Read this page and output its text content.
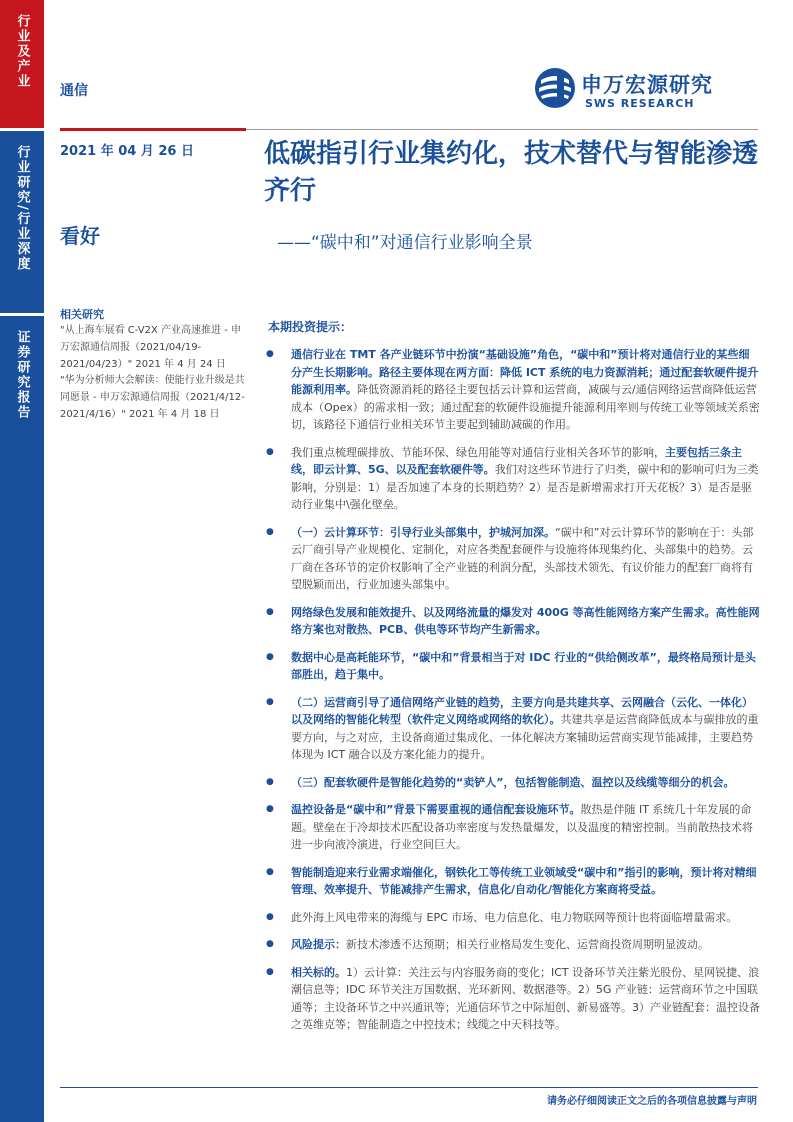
行业及产业
行业研究/行业深度
证券研究报告
通信	申万宏源研究
SWS RESEARCH
2021 年 04 月 26 日
看好
低碳指引行业集约化，技术替代与智能渗透齐行
——“碳中和”对通信行业影响全景
相关研究
"从上海车展看 C-V2X 产业高速推进 - 申万宏源通信周报（2021/04/19-2021/04/23）" 2021 年 4 月 24 日
"华为分析师大会解读：使能行业升级是共同愿景 - 申万宏源通信周报（2021/4/12-2021/4/16）" 2021 年 4 月 18 日
本期投资提示：
● 通信行业在 TMT 各产业链环节中扮演“基础设施”角色，“碳中和”预计将对通信行业的某些细分产生长期影响。路径主要体现在两方面：降低 ICT 系统的电力资源消耗；通过配套软硬件提升能源利用率。降低资源消耗的路径主要包括云计算和运营商，减碳与云/通信网络运营商降低运营成本（Opex）的需求相一致；通过配套的软硬件设施提升能源利用率则与传统工业等领域关系密切，该路径下通信行业相关环节主要起到辅助减碳的作用。
● 我们重点梳理碳排放、节能环保、绿色用能等对通信行业相关各环节的影响，主要包括三条主线，即云计算、5G、以及配套软硬件等。我们对这些环节进行了归类，碳中和的影响可归为三类影响，分别是：1）是否加速了本身的长期趋势？2）是否是新增需求打开天花板？3）是否是驱动行业集中\强化壁垒。
● （一）云计算环节：引导行业头部集中，护城河加深。“碳中和”对云计算环节的影响在于：头部云厂商引导产业规模化、定制化，对应各类配套硬件与设施将体现集约化、头部集中的趋势。云厂商在各环节的定价权影响了全产业链的利润分配，头部技术领先、有议价能力的配套厂商将有望脱颖而出，行业加速头部集中。
● 网络绿色发展和能效提升、以及网络流量的爆发对 400G 等高性能网络方案产生需求。高性能网络方案也对散热、PCB、供电等环节均产生新需求。
● 数据中心是高耗能环节，“碳中和”背景相当于对 IDC 行业的“供给侧改革”，最终格局预计是头部胜出，趋于集中。
● （二）运营商引导了通信网络产业链的趋势，主要方向是共建共享、云网融合（云化、一体化）以及网络的智能化转型（软件定义网络或网络的软化）。共建共享是运营商降低成本与碳排放的重要方向，与之对应，主设备商通过集成化、一体化解决方案辅助运营商实现节能减排，主要趋势体现为 ICT 融合以及方案化能力的提升。
● （三）配套软硬件是智能化趋势的“卖铲人”，包括智能制造、温控以及线缆等细分的机会。
● 温控设备是“碳中和”背景下需要重视的通信配套设施环节。散热是伴随 IT 系统几十年发展的命题。壁垒在于冷却技术匹配设备功率密度与发热量爆发，以及温度的精密控制。当前散热技术将进一步向液冷演进，行业空间巨大。
● 智能制造迎来行业需求端催化，钢铁化工等传统工业领域受“碳中和”指引的影响，预计将对精细管理、效率提升、节能减排产生需求，信息化/自动化/智能化方案商将受益。
● 此外海上风电带来的海缆与 EPC 市场、电力信息化、电力物联网等预计也将面临增量需求。
● 风险提示：新技术渗透不达预期；相关行业格局发生变化、运营商投资周期明显波动。
● 相关标的。1）云计算：关注云与内容服务商的变化；ICT 设备环节关注紫光股份、星网锐捷、浪潮信息等；IDC 环节关注万国数据、光环新网、数据港等。2）5G 产业链：运营商环节之中国联通等；主设备环节之中兴通讯等；光通信环节之中际旭创、新易盛等。3）产业链配套：温控设备之英维克等；智能制造之中控技术；线缆之中天科技等。
请务必仔细阅读正文之后的各项信息披露与声明
